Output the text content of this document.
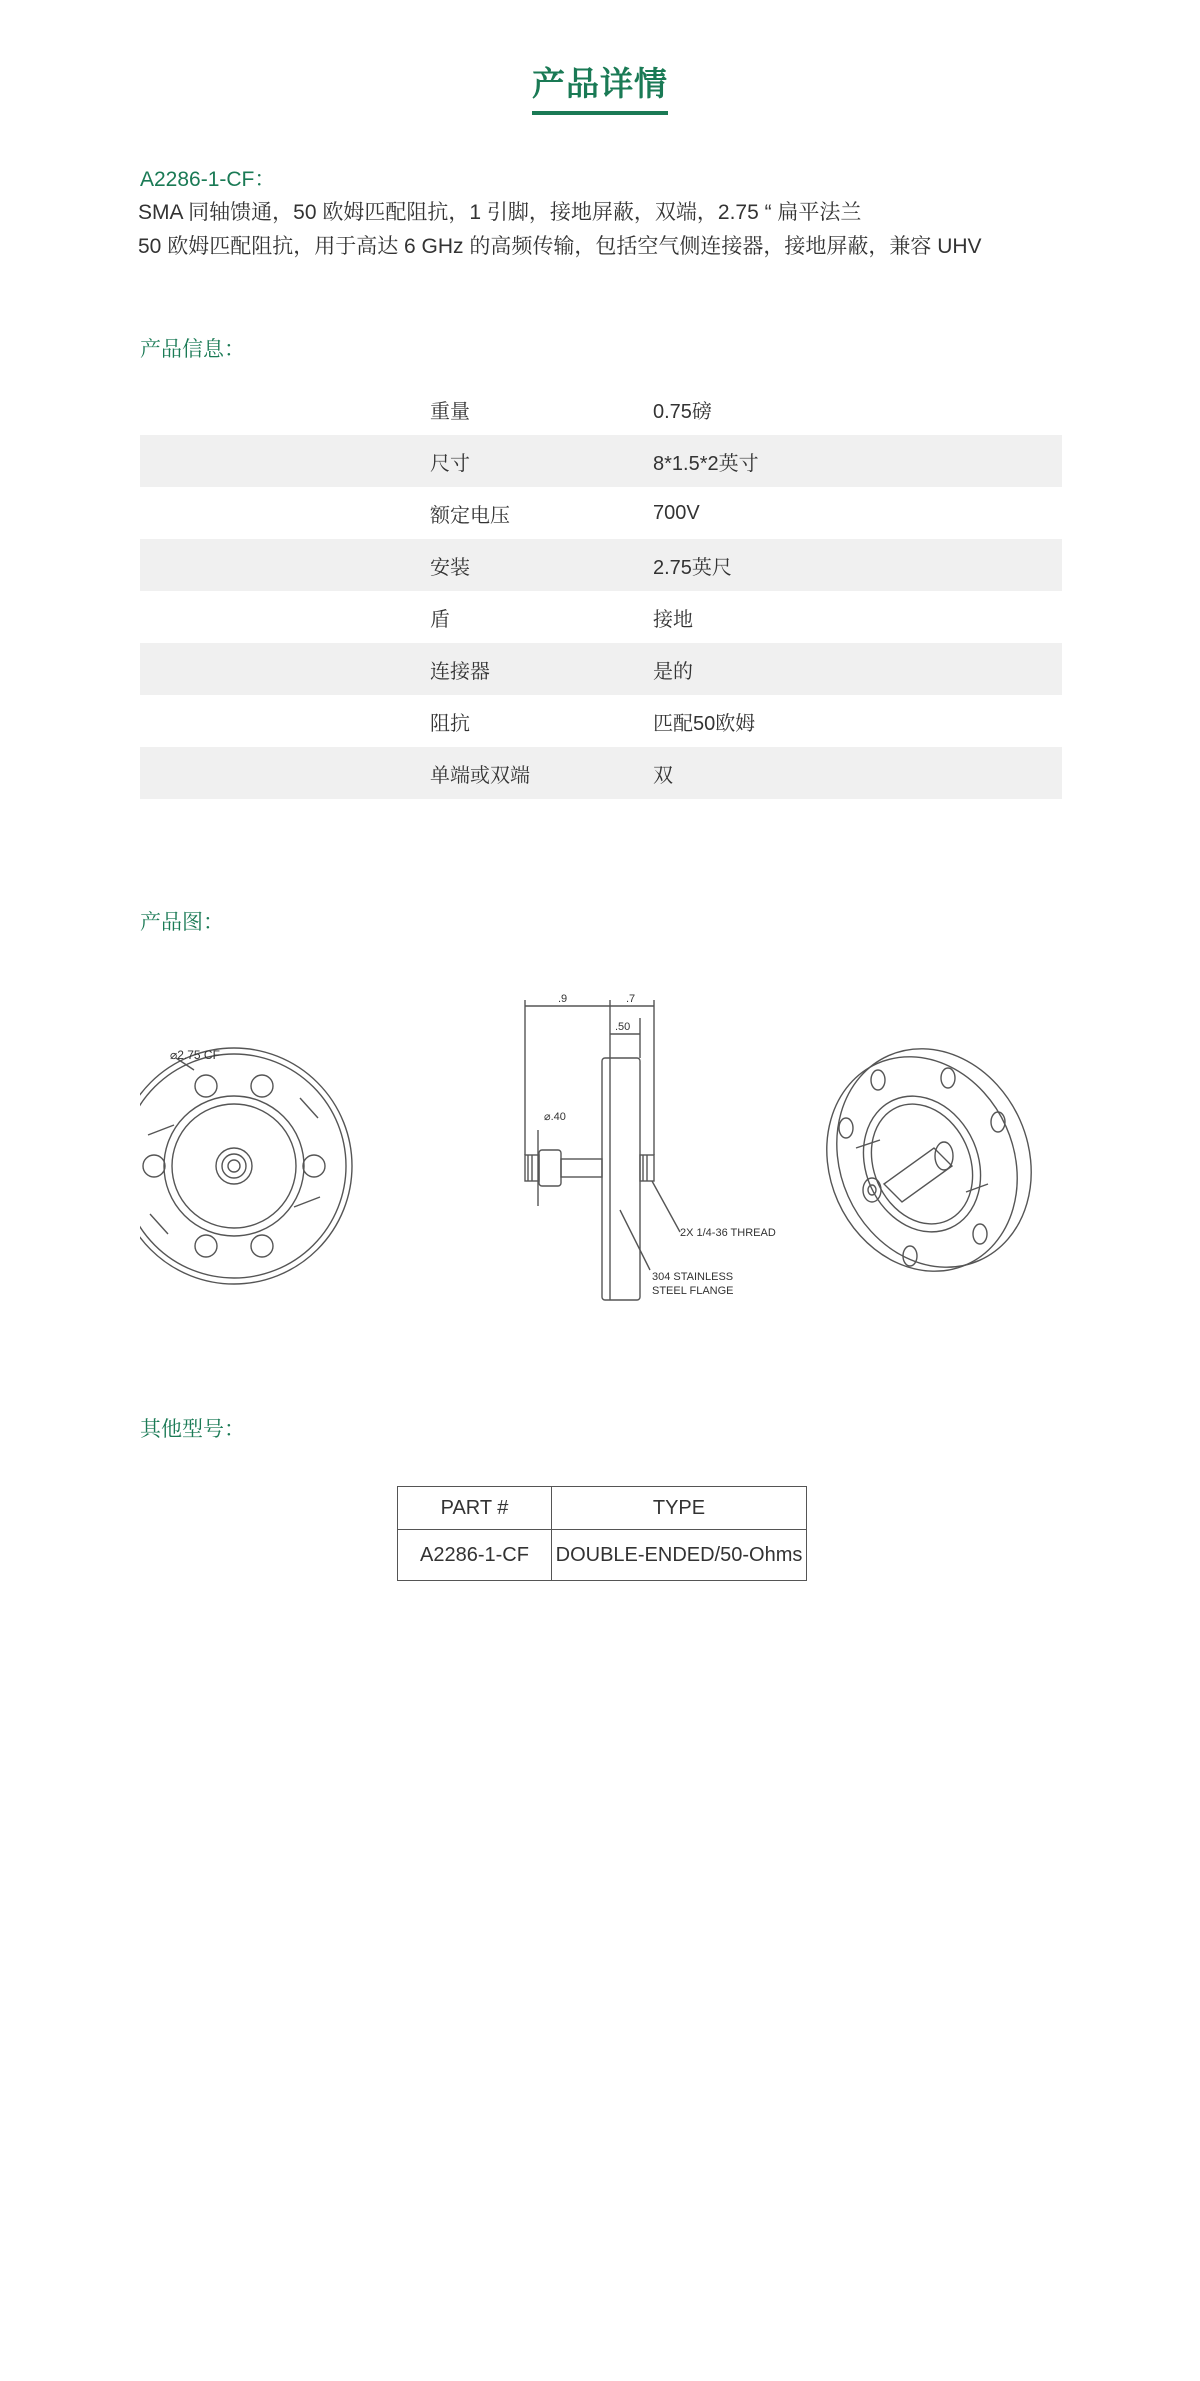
产品详情
A2286-1-CF：
SMA 同轴馈通，50 欧姆匹配阻抗，1 引脚，接地屏蔽，双端，2.75 “ 扁平法兰
50 欧姆匹配阻抗，用于高达 6 GHz 的高频传输，包括空气侧连接器，接地屏蔽，兼容 UHV
产品信息：
重量	0.75磅
尺寸	8*1.5*2英寸
额定电压	700V
安装	2.75英尺
盾	接地
连接器	是的
阻抗	匹配50欧姆
单端或双端	双
产品图：
⌀2.75 CF
.9	.7
.50
⌀.40
2X 1/4-36 THREAD
304 STAINLESS
STEEL FLANGE
其他型号：
PART #	TYPE
A2286-1-CF	DOUBLE-ENDED/50-Ohms
